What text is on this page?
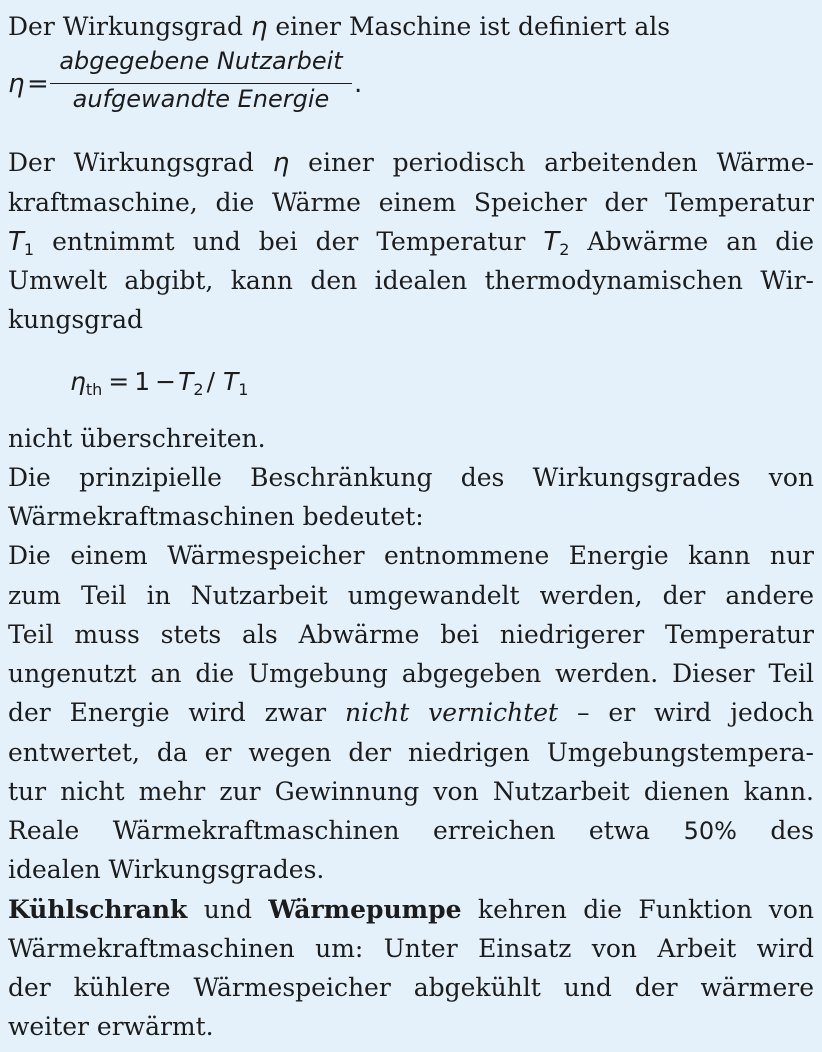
Der Wirkungsgrad η einer Maschine ist definiert als
η =
abgegebene Nutzarbeit
aufgewandte Energie .
Der Wirkungsgrad η einer periodisch arbeitenden Wärme-
kraftmaschine, die Wärme einem Speicher der Temperatur
$T_1$ entnimmt und bei der Temperatur $T_2$ Abwärme an die
Umwelt abgibt, kann den idealen thermodynamischen Wir-
kungsgrad
$\eta_{th} = 1 -T_2 / T_1$
nicht überschreiten.
Die prinzipielle Beschränkung des Wirkungsgrades von
Wärmekraftmaschinen bedeutet:
Die einem Wärmespeicher entnommene Energie kann nur
zum Teil in Nutzarbeit umgewandelt werden, der andere
Teil muss stets als Abwärme bei niedrigerer Temperatur
ungenutzt an die Umgebung abgegeben werden. Dieser Teil
der Energie wird zwar nicht vernichtet – er wird jedoch
entwertet, da er wegen der niedrigen Umgebungstempera-
tur nicht mehr zur Gewinnung von Nutzarbeit dienen kann.
Reale Wärmekraftmaschinen erreichen etwa 50% des
idealen Wirkungsgrades.
Kühlschrank und Wärmepumpe kehren die Funktion von
Wärmekraftmaschinen um: Unter Einsatz von Arbeit wird
der kühlere Wärmespeicher abgekühlt und der wärmere
weiter erwärmt.
